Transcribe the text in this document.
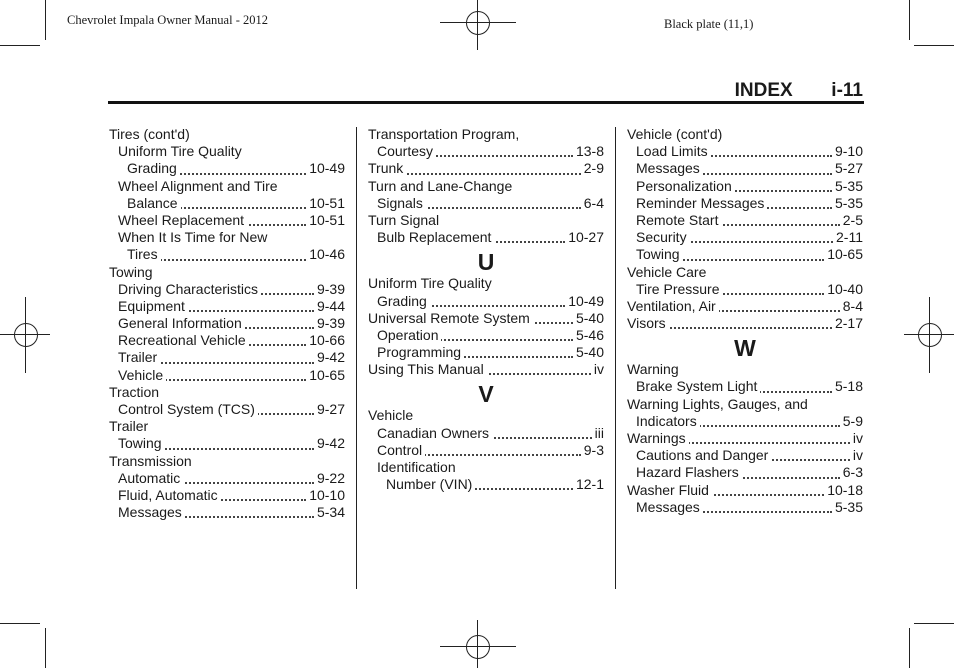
Chevrolet Impala Owner Manual - 2012	Black plate (11,1)
INDEX i-11
Tires (cont'd)
Uniform Tire Quality
Grading	10-49
Wheel Alignment and Tire
Balance	10-51
Wheel Replacement	10-51
When It Is Time for New
Tires	10-46
Towing
Driving Characteristics	9-39
Equipment	9-44
General Information	9-39
Recreational Vehicle	10-66
Trailer	9-42
Vehicle	10-65
Traction
Control System (TCS)	9-27
Trailer
Towing	9-42
Transmission
Automatic	9-22
Fluid, Automatic	10-10
Messages	5-34
Transportation Program,
Courtesy	13-8
Trunk	2-9
Turn and Lane-Change
Signals	6-4
Turn Signal
Bulb Replacement	10-27
U
Uniform Tire Quality
Grading	10-49
Universal Remote System	5-40
Operation	5-46
Programming	5-40
Using This Manual	iv
V
Vehicle
Canadian Owners	iii
Control	9-3
Identification
Number (VIN)	12-1
Vehicle (cont'd)
Load Limits	9-10
Messages	5-27
Personalization	5-35
Reminder Messages	5-35
Remote Start	2-5
Security	2-11
Towing	10-65
Vehicle Care
Tire Pressure	10-40
Ventilation, Air	8-4
Visors	2-17
W
Warning
Brake System Light	5-18
Warning Lights, Gauges, and
Indicators	5-9
Warnings	iv
Cautions and Danger	iv
Hazard Flashers	6-3
Washer Fluid	10-18
Messages	5-35
